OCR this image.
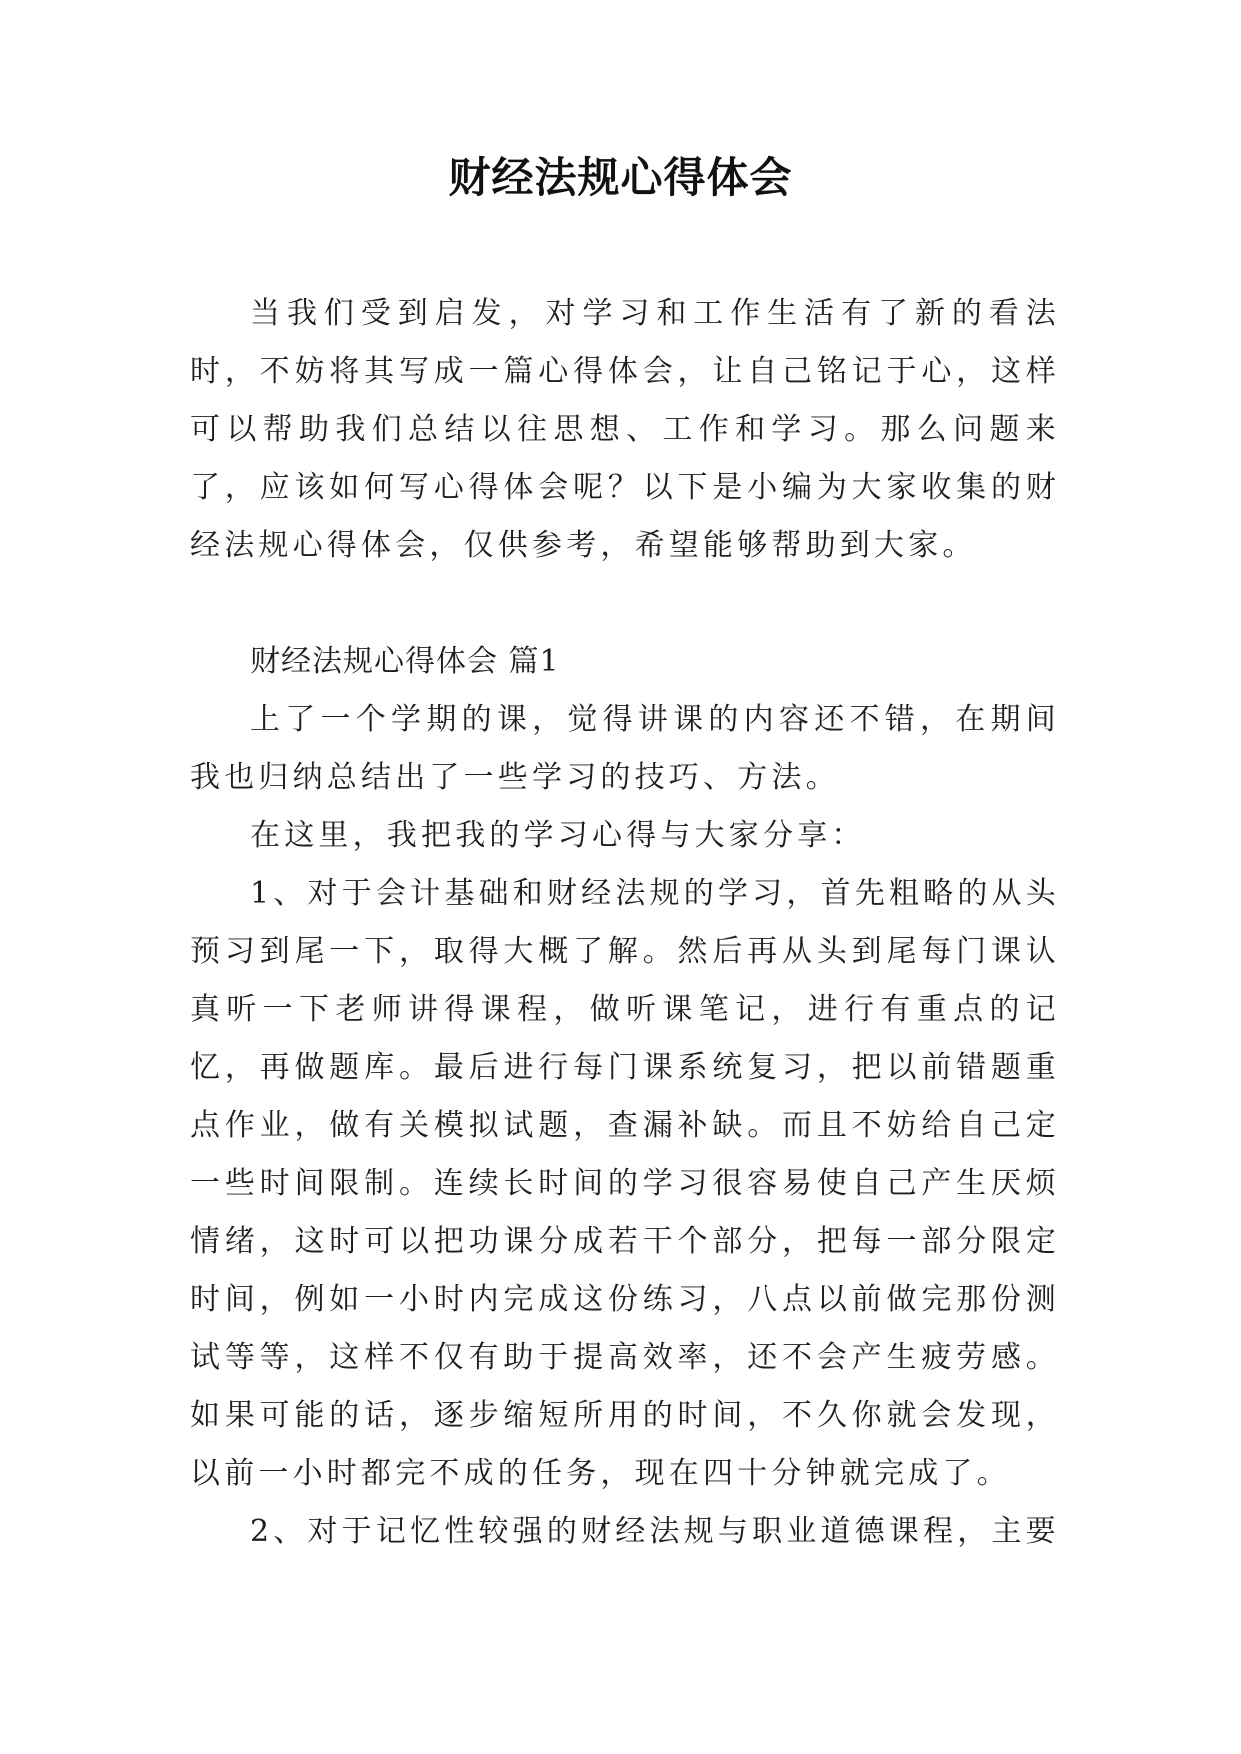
财经法规心得体会

当我们受到启发，对学习和工作生活有了新的看法时，不妨将其写成一篇心得体会，让自己铭记于心，这样可以帮助我们总结以往思想、工作和学习。那么问题来了，应该如何写心得体会呢？以下是小编为大家收集的财经法规心得体会，仅供参考，希望能够帮助到大家。

财经法规心得体会 篇1

上了一个学期的课，觉得讲课的内容还不错，在期间我也归纳总结出了一些学习的技巧、方法。

在这里，我把我的学习心得与大家分享：

1、对于会计基础和财经法规的学习，首先粗略的从头预习到尾一下，取得大概了解。然后再从头到尾每门课认真听一下老师讲得课程，做听课笔记，进行有重点的记忆，再做题库。最后进行每门课系统复习，把以前错题重点作业，做有关模拟试题，查漏补缺。而且不妨给自己定一些时间限制。连续长时间的学习很容易使自己产生厌烦情绪，这时可以把功课分成若干个部分，把每一部分限定时间，例如一小时内完成这份练习，八点以前做完那份测试等等，这样不仅有助于提高效率，还不会产生疲劳感。如果可能的话，逐步缩短所用的时间，不久你就会发现，以前一小时都完不成的任务，现在四十分钟就完成了。

2、对于记忆性较强的财经法规与职业道德课程，主要
